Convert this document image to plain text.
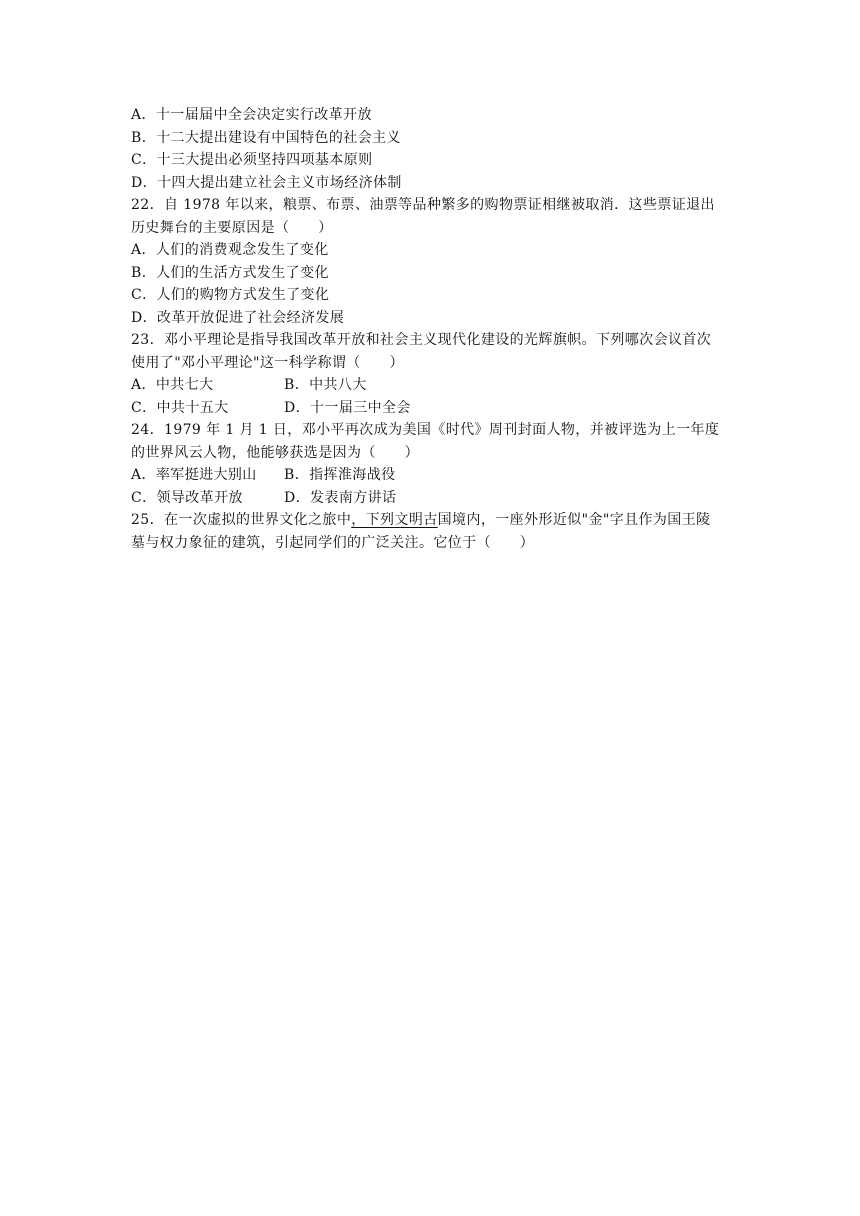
A．十一届届中全会决定实行改革开放
B．十二大提出建设有中国特色的社会主义
C．十三大提出必须坚持四项基本原则
D．十四大提出建立社会主义市场经济体制
22．自 1978 年以来，粮票、布票、油票等品种繁多的购物票证相继被取消．这些票证退出
历史舞台的主要原因是（　　）
A．人们的消费观念发生了变化
B．人们的生活方式发生了变化
C．人们的购物方式发生了变化
D．改革开放促进了社会经济发展
23．邓小平理论是指导我国改革开放和社会主义现代化建设的光辉旗帜。下列哪次会议首次
使用了"邓小平理论"这一科学称谓（　　）
A．中共七大	B．中共八大
C．中共十五大	D．十一届三中全会
24．1979 年 1 月 1 日，邓小平再次成为美国《时代》周刊封面人物，并被评选为上一年度
的世界风云人物，他能够获选是因为（　　）
A．率军挺进大别山 B．指挥淮海战役
C．领导改革开放	D．发表南方讲话
25．在一次虚拟的世界文化之旅中，下列文明古国境内，一座外形近似"金"字且作为国王陵
墓与权力象征的建筑，引起同学们的广泛关注。它位于（　　）
